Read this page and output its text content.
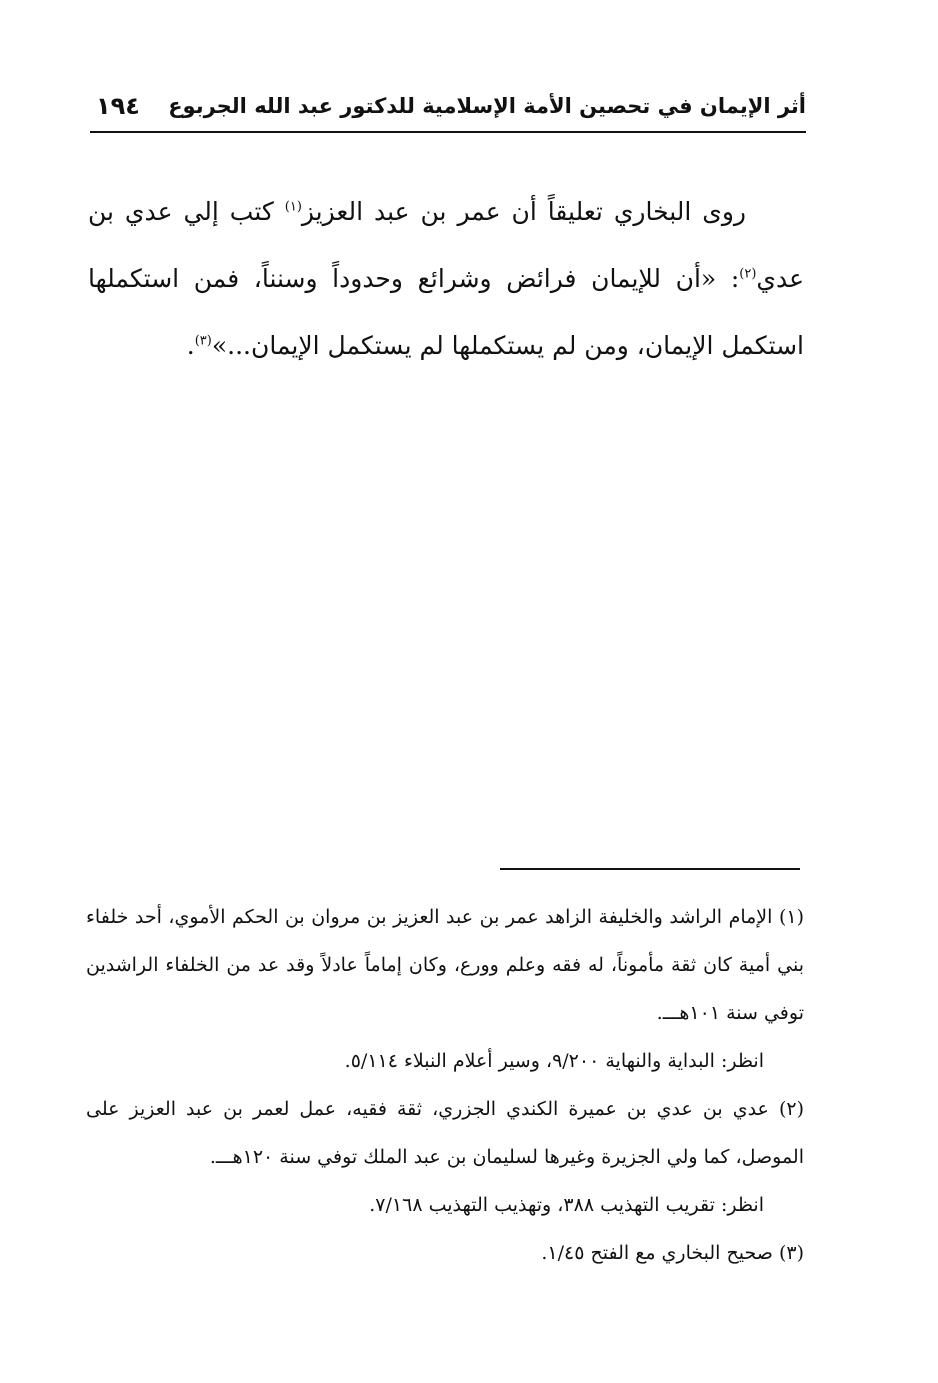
أثر الإيمان في تحصين الأمة الإسلامية للدكتور عبد الله الجربوع
١٩٤

روى البخاري تعليقاً أن عمر بن عبد العزيز$^{(١)}$ كتب إلي عدي بن عدي$^{(٢)}$: «أن للإيمان فرائض وشرائع وحدوداً وسنناً، فمن استكملها استكمل الإيمان، ومن لم يستكملها لم يستكمل الإيمان...»$^{(٣)}$.

(١) الإمام الراشد والخليفة الزاهد عمر بن عبد العزيز بن مروان بن الحكم الأموي، أحد خلفاء بني أمية كان ثقة مأموناً، له فقه وعلم وورع، وكان إماماً عادلاً وقد عد من الخلفاء الراشدين توفي سنة ١٠١هـــ.

انظر: البداية والنهاية ٩/٢٠٠، وسير أعلام النبلاء ٥/١١٤.

(٢) عدي بن عدي بن عميرة الكندي الجزري، ثقة فقيه، عمل لعمر بن عبد العزيز على الموصل، كما ولي الجزيرة وغيرها لسليمان بن عبد الملك توفي سنة ١٢٠هـــ.

انظر: تقريب التهذيب ٣٨٨، وتهذيب التهذيب ٧/١٦٨.

(٣) صحيح البخاري مع الفتح ١/٤٥.
